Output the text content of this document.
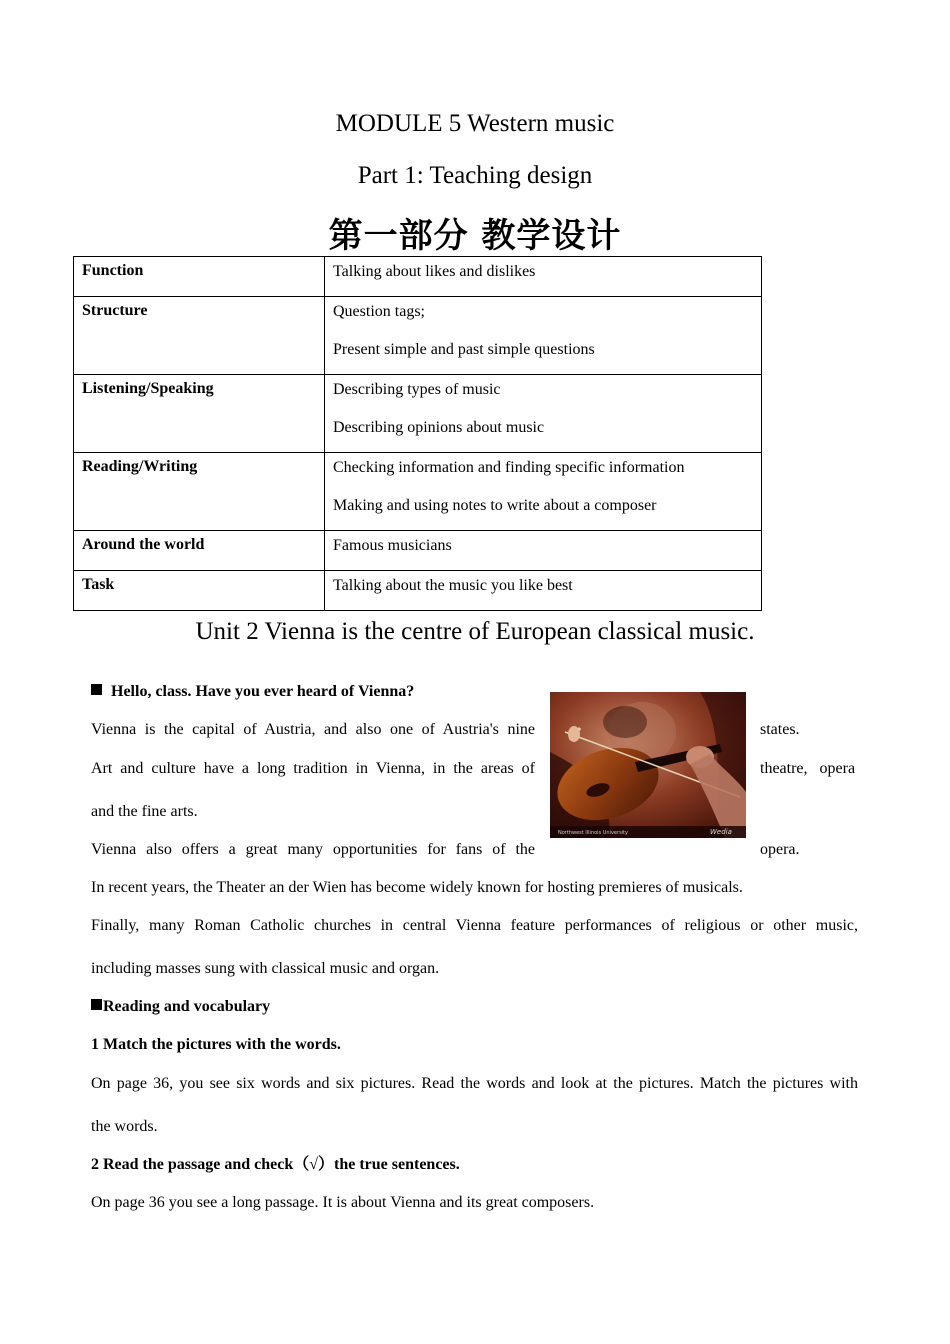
MODULE 5 Western music
Part 1: Teaching design
第一部分 教学设计
Function	Talking about likes and dislikes

Structure	Question tags;

Present simple and past simple questions

Listening/Speaking	Describing types of music

Describing opinions about music

Reading/Writing	Checking information and finding specific information

Making and using notes to write about a composer

Around the world	Famous musicians

Task	Talking about the music you like best

Unit 2 Vienna is the centre of European classical music.
Hello, class. Have you ever heard of Vienna?
Vienna is the capital of Austria, and also one of Austria's nine	states.
Art and culture have a long tradition in Vienna, in the areas of	theatre,   opera
and the fine arts.
Vienna also offers a great many opportunities for fans of the	opera.
In recent years, the Theater an der Wien has become widely known for hosting premieres of musicals.
Finally, many Roman Catholic churches in central Vienna feature performances of religious or other music,
including masses sung with classical music and organ.
Northwest Illinois University	Wedia
Reading and vocabulary
1 Match the pictures with the words.
On page 36, you see six words and six pictures. Read the words and look at the pictures. Match the pictures with
the words.
2 Read the passage and check（√）the true sentences.
On page 36 you see a long passage. It is about Vienna and its great composers.
